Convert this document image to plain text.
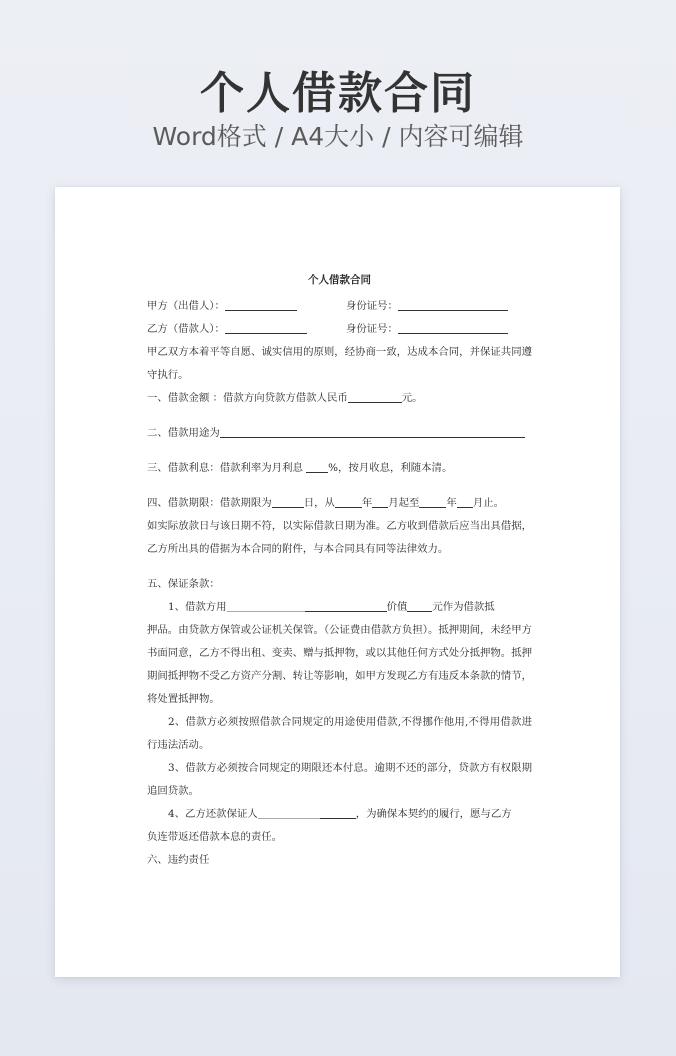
个人借款合同
Word格式 / A4大小 / 内容可编辑
个人借款合同
甲方（出借人）：	身份证号：
乙方（借款人）：	身份证号：
甲乙双方本着平等自愿、诚实信用的原则，经协商一致，达成本合同，并保证共同遵守执行。
一、借款金额 ：借款方向贷款方借款人民币	元。
二、借款用途为
三、借款利息：借款利率为月利息 %，按月收息，利随本清。
四、借款期限：借款期限为	日，从	年 月起至	年 月止。
如实际放款日与该日期不符，以实际借款日期为准。乙方收到借款后应当出具借据，乙方所出具的借据为本合同的附件，与本合同具有同等法律效力。
五、保证条款：
1、借款方用	价值 元作为借款抵
押品。由贷款方保管或公证机关保管。（公证费由借款方负担）。抵押期间，未经甲方书面同意，乙方不得出租、变卖、赠与抵押物，或以其他任何方式处分抵押物。抵押期间抵押物不受乙方资产分割、转让等影响，如甲方发现乙方有违反本条款的情节，将处置抵押物。
2、借款方必须按照借款合同规定的用途使用借款,不得挪作他用,不得用借款进行违法活动。
3、借款方必须按合同规定的期限还本付息。逾期不还的部分，贷款方有权限期追回贷款。
4、乙方还款保证人	，为确保本契约的履行，愿与乙方
负连带返还借款本息的责任。
六、违约责任
